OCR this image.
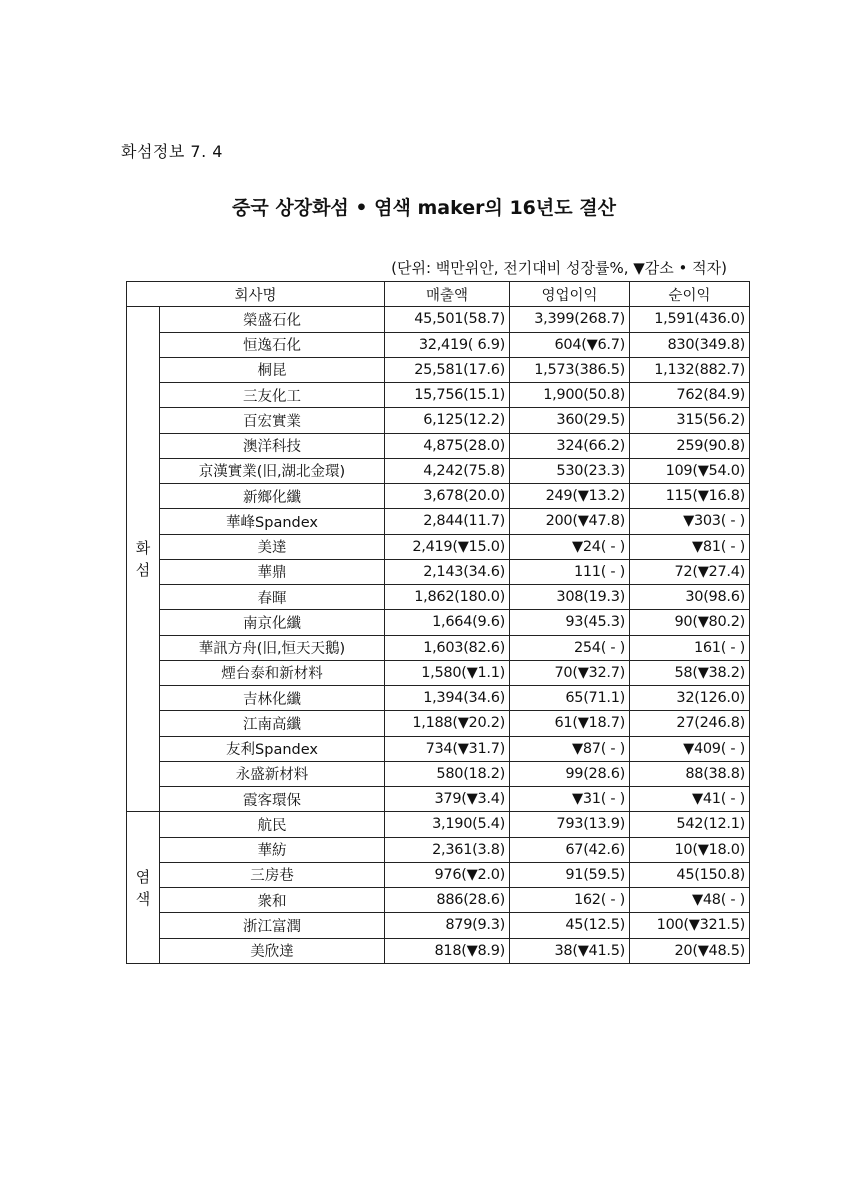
화섬정보 7. 4
중국 상장화섬 • 염색 maker의 16년도 결산
(단위: 백만위안, 전기대비 성장률%, ▼감소 • 적자)
회사명		매출액	영업이익	순이익
화
섬	榮盛石化	45,501(58.7)	3,399(268.7)	1,591(436.0)
	恒逸石化	32,419( 6.9)	604(▼6.7)	830(349.8)
	桐昆	25,581(17.6)	1,573(386.5)	1,132(882.7)
	三友化工	15,756(15.1)	1,900(50.8)	762(84.9)
	百宏實業	6,125(12.2)	360(29.5)	315(56.2)
	澳洋科技	4,875(28.0)	324(66.2)	259(90.8)
	京漢實業(旧,湖北金環)	4,242(75.8)	530(23.3)	109(▼54.0)
	新鄉化纖	3,678(20.0)	249(▼13.2)	115(▼16.8)
	華峰Spandex	2,844(11.7)	200(▼47.8)	▼303( - )
	美達	2,419(▼15.0)	▼24( - )	▼81( - )
	華鼎	2,143(34.6)	111( - )	72(▼27.4)
	春暉	1,862(180.0)	308(19.3)	30(98.6)
	南京化纖	1,664(9.6)	93(45.3)	90(▼80.2)
	華訊方舟(旧,恒天天鵝)	1,603(82.6)	254( - )	161( - )
	煙台泰和新材料	1,580(▼1.1)	70(▼32.7)	58(▼38.2)
	吉林化纖	1,394(34.6)	65(71.1)	32(126.0)
	江南高纖	1,188(▼20.2)	61(▼18.7)	27(246.8)
	友利Spandex	734(▼31.7)	▼87( - )	▼409( - )
	永盛新材料	580(18.2)	99(28.6)	88(38.8)
	霞客環保	379(▼3.4)	▼31( - )	▼41( - )
염
색	航民	3,190(5.4)	793(13.9)	542(12.1)
	華紡	2,361(3.8)	67(42.6)	10(▼18.0)
	三房巷	976(▼2.0)	91(59.5)	45(150.8)
	衆和	886(28.6)	162( - )	▼48( - )
	浙江富潤	879(9.3)	45(12.5)	100(▼321.5)
	美欣達	818(▼8.9)	38(▼41.5)	20(▼48.5)
